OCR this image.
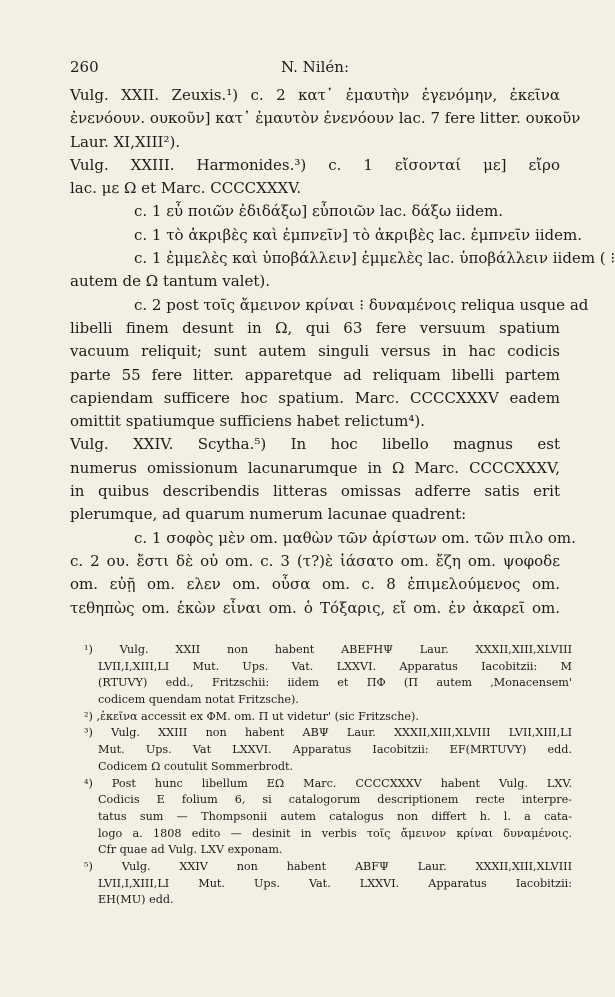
260	N. Nilén:
Vulg. XXII. Zeuxis.¹) c. 2 κατ᾽ ἐμαυτὴν ἐγενόμην, ἐκεῖνα
ἐνενόουν. ουκοῦν] κατ᾽ ἐμαυτὸν ἐνενόουν lac. 7 fere litter. ουκοῦν
Laur. XI,XIII²).
Vulg. XXIII. Harmonides.³) c. 1 εἴσονταί με] εἴρο
lac. με Ω et Marc. CCCCXXXV.
c. 1 εὖ ποιῶν ἐδιδάξω] εὖποιῶν lac. δάξω iidem.
c. 1 τὸ ἀκριβὲς καὶ ἐμπνεῖν] τὸ ἀκριβὲς lac. ἐμπνεῖν iidem.
c. 1 ἐμμελὲς καὶ ὑποβάλλειν] ἐμμελὲς lac. ὑποβάλλειν iidem ( ⁝
autem de Ω tantum valet).
c. 2 post τοῖς ἄμεινον κρίναι ⁝ δυναμένοις reliqua usque ad
libelli finem desunt in Ω, qui 63 fere versuum spatium
vacuum reliquit; sunt autem singuli versus in hac codicis
parte 55 fere litter. apparetque ad reliquam libelli partem
capiendam sufficere hoc spatium. Marc. CCCCXXXV eadem
omittit spatiumque sufficiens habet relictum⁴).
Vulg. XXIV. Scytha.⁵) In hoc libello magnus est
numerus omissionum lacunarumque in Ω Marc. CCCCXXXV,
in quibus describendis litteras omissas adferre satis erit
plerumque, ad quarum numerum lacunae quadrent:
c. 1 σοφὸς μὲν om. μαθὼν τῶν ἀρίστων om. τῶν πιλο om.
c. 2 ου. ἔστι δὲ οὐ om. c. 3 (τ?)ὲ ἰάσατο om. ἔζη om. ψοφοδε
om. εὐῇ om. ελεν om. οὖσα om. c. 8 ἐπιμελούμενος om.
τεθηπὼς om. ἑκὼν εἶναι om. ὁ Τόξαρις, εἴ om. ἐν ἀκαρεῖ om.
¹) Vulg. XXII non habent ABEFHΨ Laur. XXXII,XIII,XLVIII
LVII,I,XIII,LI Mut. Ups. Vat. LXXVI. Apparatus Iacobitzii: M
(RTUVY) edd., Fritzschii: iidem et ΠΦ (Π autem ‚Monacensem'
codicem quendam notat Fritzsche).
²) ‚ἐκεῖνα accessit ex ΦM. om. Π ut videtur' (sic Fritzsche).
³) Vulg. XXIII non habent ABΨ Laur. XXXII,XIII,XLVIII LVII,XIII,LI
Mut. Ups. Vat LXXVI. Apparatus Iacobitzii: EF(MRTUVY) edd.
Codicem Ω coutulit Sommerbrodt.
⁴) Post hunc libellum EΩ Marc. CCCCXXXV habent Vulg. LXV.
Codicis E folium 6, si catalogorum descriptionem recte interpre-
tatus sum — Thompsonii autem catalogus non differt h. l. a cata-
logo a. 1808 edito — desinit in verbis τοῖς ἄμεινον κρίναι δυναμένοις.
Cfr quae ad Vulg. LXV exponam.
⁵) Vulg. XXIV non habent ABFΨ Laur. XXXII,XIII,XLVIII
LVII,I,XIII,LI Mut. Ups. Vat. LXXVI. Apparatus Iacobitzii:
EH(MU) edd.
